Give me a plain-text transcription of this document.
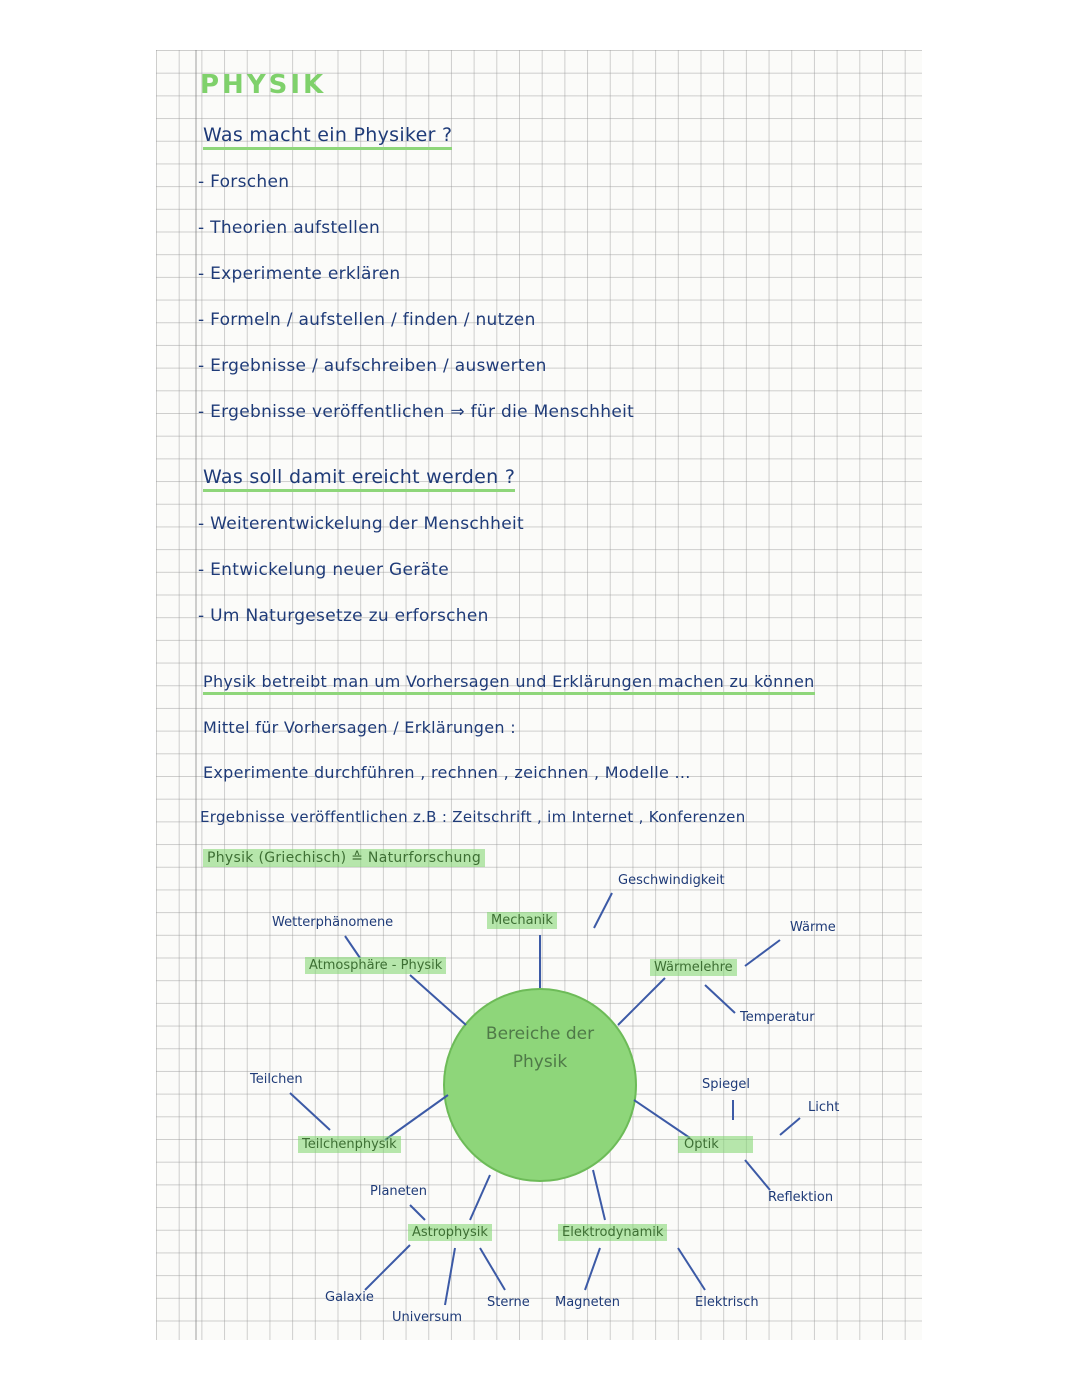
PHYSIK
Was macht ein Physiker ?
- Forschen
- Theorien aufstellen
- Experimente erklären
- Formeln / aufstellen / finden / nutzen
- Ergebnisse / aufschreiben / auswerten
- Ergebnisse veröffentlichen ⇒ für die Menschheit
Was soll damit ereicht werden ?
- Weiterentwickelung der Menschheit
- Entwickelung neuer Geräte
- Um Naturgesetze zu erforschen
Physik betreibt man um Vorhersagen und Erklärungen machen zu können
Mittel für Vorhersagen / Erklärungen :
Experimente durchführen , rechnen , zeichnen , Modelle ...
Ergebnisse veröffentlichen z.B : Zeitschrift , im Internet , Konferenzen
Physik (Griechisch) ≙ Naturforschung
Bereiche der Physik
Mechanik
Geschwindigkeit
Wetterphänomene
Atmosphäre - Physik	Wärmelehre
Wärme
Temperatur
Teilchen
Teilchenphysik
Spiegel
Licht
Optik
Reflektion
Planeten
Astrophysik	Elektrodynamik
Galaxie
Universum
Sterne Magneten	Elektrisch
